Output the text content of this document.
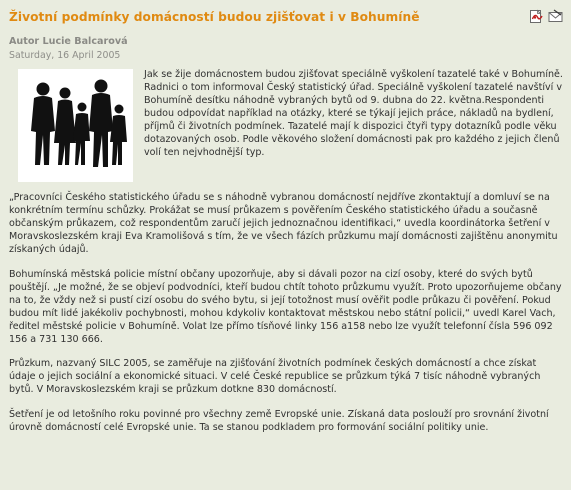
Životní podmínky domácností budou zjišťovat i v Bohumíně
Autor Lucie Balcarová
Saturday, 16 April 2005

Jak se žije domácnostem budou zjišťovat speciálně vyškolení tazatelé také v Bohumíně. Radnici o tom informoval Český statistický úřad. Speciálně vyškolení tazatelé navštíví v Bohumíně desítku náhodně vybraných bytů od 9. dubna do 22. května.Respondenti budou odpovídat například na otázky, které se týkají jejich práce, nákladů na bydlení, příjmů či životních podmínek. Tazatelé mají k dispozici čtyři typy dotazníků podle věku dotazovaných osob. Podle věkového složení domácnosti pak pro každého z jejich členů volí ten nejvhodnější typ.

„Pracovníci Českého statistického úřadu se s náhodně vybranou domácností nejdříve zkontaktují a domluví se na konkrétním termínu schůzky. Prokážat se musí průkazem s pověřením Českého statistického úřadu a současně občanským průkazem, což respondentům zaručí jejich jednoznačnou identifikaci,“ uvedla koordinátorka šetření v Moravskoslezském kraji Eva Kramolišová s tím, že ve všech fázích průzkumu mají domácnosti zajištěnu anonymitu získaných údajů.

Bohumínská městská policie místní občany upozorňuje, aby si dávali pozor na cizí osoby, které do svých bytů pouštějí. „Je možné, že se objeví podvodníci, kteří budou chtít tohoto průzkumu využít. Proto upozorňujeme občany na to, že vždy než si pustí cizí osobu do svého bytu, si její totožnost musí ověřit podle průkazu či pověření. Pokud budou mít lidé jakékoliv pochybnosti, mohou kdykoliv kontaktovat městskou nebo státní policii,“ uvedl Karel Vach, ředitel městské policie v Bohumíně. Volat lze přímo tísňové linky 156 a158 nebo lze využít telefonní čísla 596 092 156 a 731 130 666.

Průzkum, nazvaný SILC 2005, se zaměřuje na zjišťování životních podmínek českých domácností a chce získat údaje o jejich sociální a ekonomické situaci. V celé České republice se průzkum týká 7 tisíc náhodně vybraných bytů. V Moravskoslezském kraji se průzkum dotkne 830 domácností.

Šetření je od letošního roku povinné pro všechny země Evropské unie. Získaná data poslouží pro srovnání životní úrovně domácností celé Evropské unie. Ta se stanou podkladem pro formování sociální politiky unie.
